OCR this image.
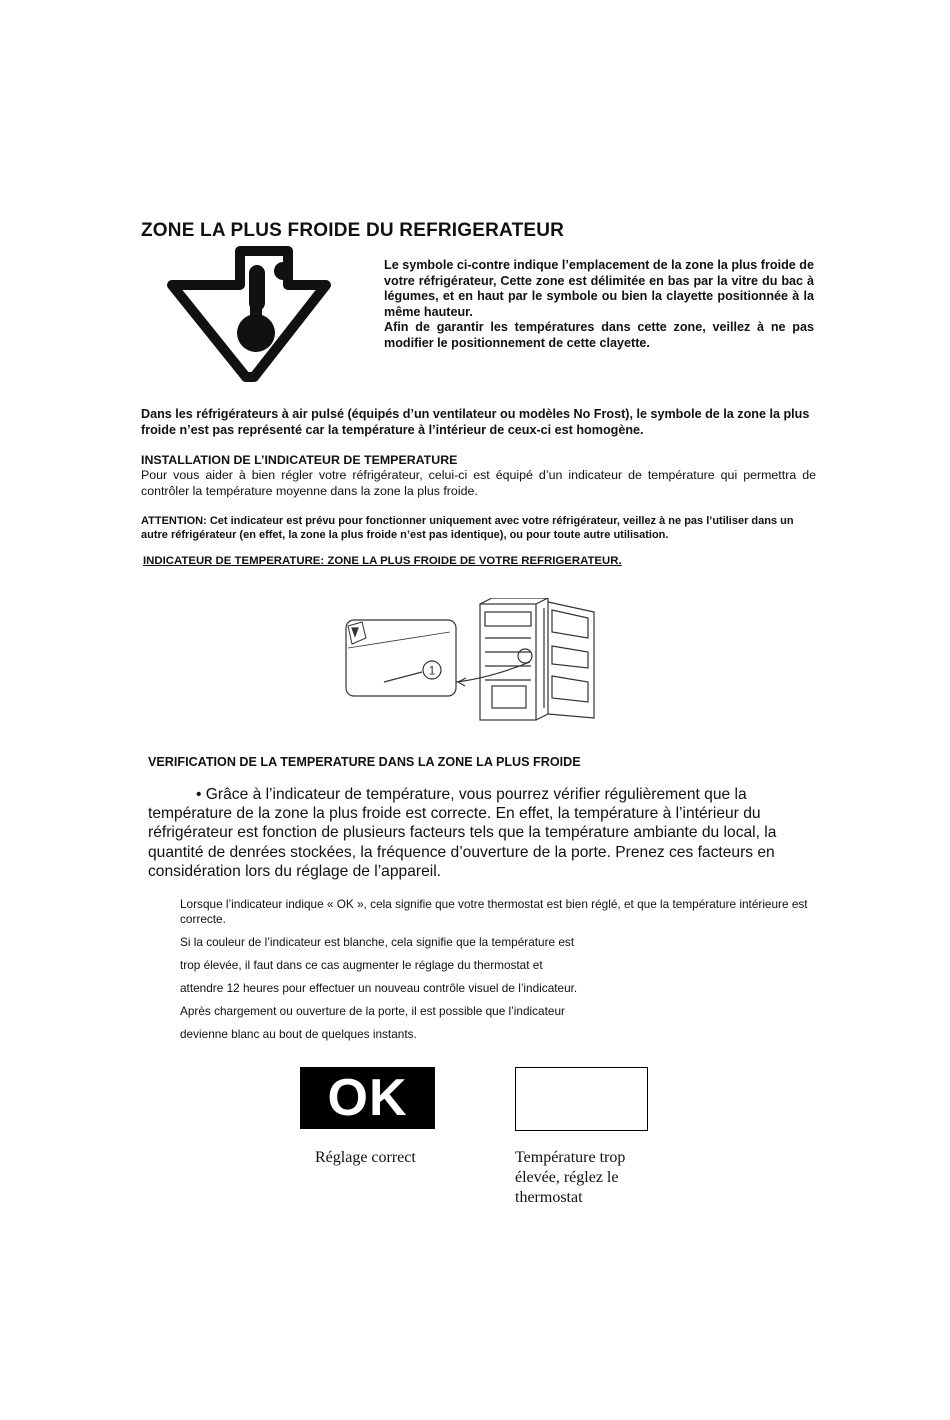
ZONE LA PLUS FROIDE DU REFRIGERATEUR

Le symbole ci-contre indique l’emplacement de la zone la plus froide de votre réfrigérateur, Cette zone est délimitée en bas par la vitre du bac à légumes, et en haut par le symbole ou bien la clayette positionnée à la même hauteur.

Afin de garantir les températures dans cette zone, veillez à ne pas modifier le positionnement de cette clayette.

Dans les réfrigérateurs à air pulsé (équipés d’un ventilateur ou modèles No Frost), le symbole de la zone la plus froide n’est pas représenté car la température à l’intérieur de ceux-ci est homogène.
INSTALLATION DE L’INDICATEUR DE TEMPERATURE
Pour vous aider à bien régler votre réfrigérateur, celui-ci est équipé d’un indicateur de température qui permettra de contrôler la température moyenne dans la zone la plus froide.
ATTENTION: Cet indicateur est prévu pour fonctionner uniquement avec votre réfrigérateur, veillez à ne pas l’utiliser dans un autre réfrigérateur (en effet, la zone la plus froide n’est pas identique), ou pour toute autre utilisation.
INDICATEUR DE TEMPERATURE: ZONE LA PLUS FROIDE DE VOTRE REFRIGERATEUR.
1
VERIFICATION DE LA TEMPERATURE DANS LA ZONE LA PLUS FROIDE
• Grâce à l’indicateur de température, vous pourrez vérifier régulièrement que la température de la zone la plus froide est correcte. En effet, la température à l’intérieur du réfrigérateur est fonction de plusieurs facteurs tels que la température ambiante du local, la quantité de denrées stockées, la fréquence d’ouverture de la porte. Prenez ces facteurs en considération lors du réglage de l’appareil.
Lorsque l’indicateur indique « OK », cela signifie que votre thermostat est bien réglé, et que la température intérieure est correcte.
Si la couleur de l’indicateur est blanche, cela signifie que la température est
trop élevée, il faut dans ce cas augmenter le réglage du thermostat et
attendre 12 heures pour effectuer un nouveau contrôle visuel de l’indicateur.
Après chargement ou ouverture de la porte, il est possible que l’indicateur
devienne blanc au bout de quelques instants.
OK
Réglage correct	Température trop élevée, réglez le thermostat
